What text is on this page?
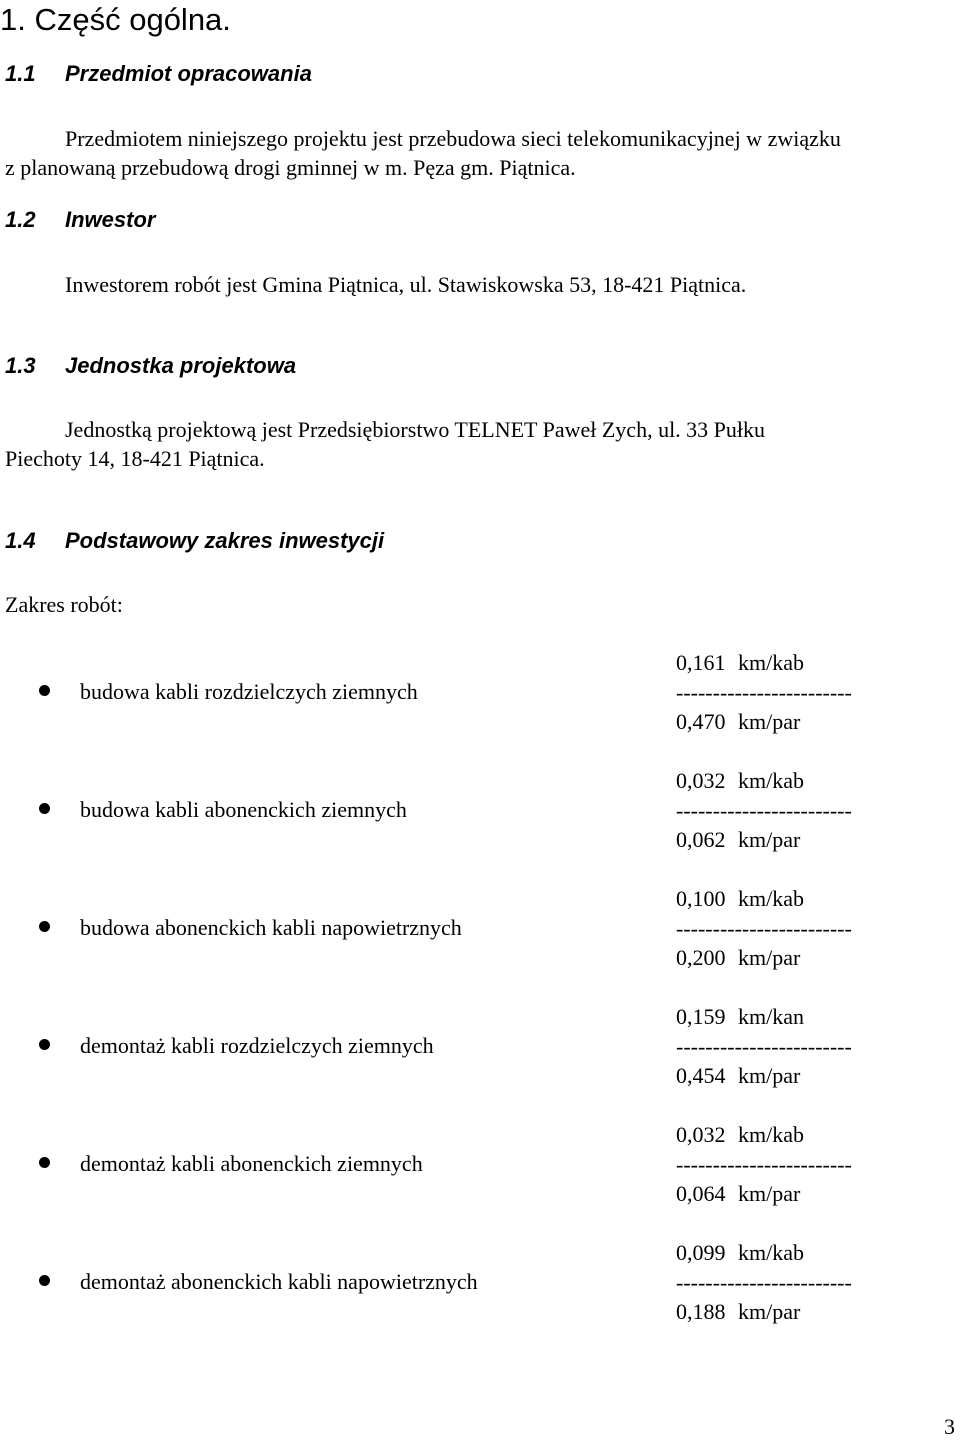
1. Część ogólna.
1.1 Przedmiot opracowania
Przedmiotem niniejszego projektu jest przebudowa sieci telekomunikacyjnej w związku
z planowaną przebudową drogi gminnej w m. Pęza gm. Piątnica.
1.2 Inwestor
Inwestorem robót jest Gmina Piątnica, ul. Stawiskowska 53, 18-421 Piątnica.
1.3 Jednostka projektowa
Jednostką projektową jest Przedsiębiorstwo TELNET Paweł Zych, ul. 33 Pułku
Piechoty 14, 18-421 Piątnica.
1.4 Podstawowy zakres inwestycji
Zakres robót:
budowa kabli rozdzielczych ziemnych
0,161 km/kab
------------------------
0,470 km/par
budowa kabli abonenckich ziemnych
0,032 km/kab
------------------------
0,062 km/par
budowa abonenckich kabli napowietrznych
0,100 km/kab
------------------------
0,200 km/par
demontaż kabli rozdzielczych ziemnych
0,159 km/kan
------------------------
0,454 km/par
demontaż kabli abonenckich ziemnych
0,032 km/kab
------------------------
0,064 km/par
demontaż abonenckich kabli napowietrznych
0,099 km/kab
------------------------
0,188 km/par
3
